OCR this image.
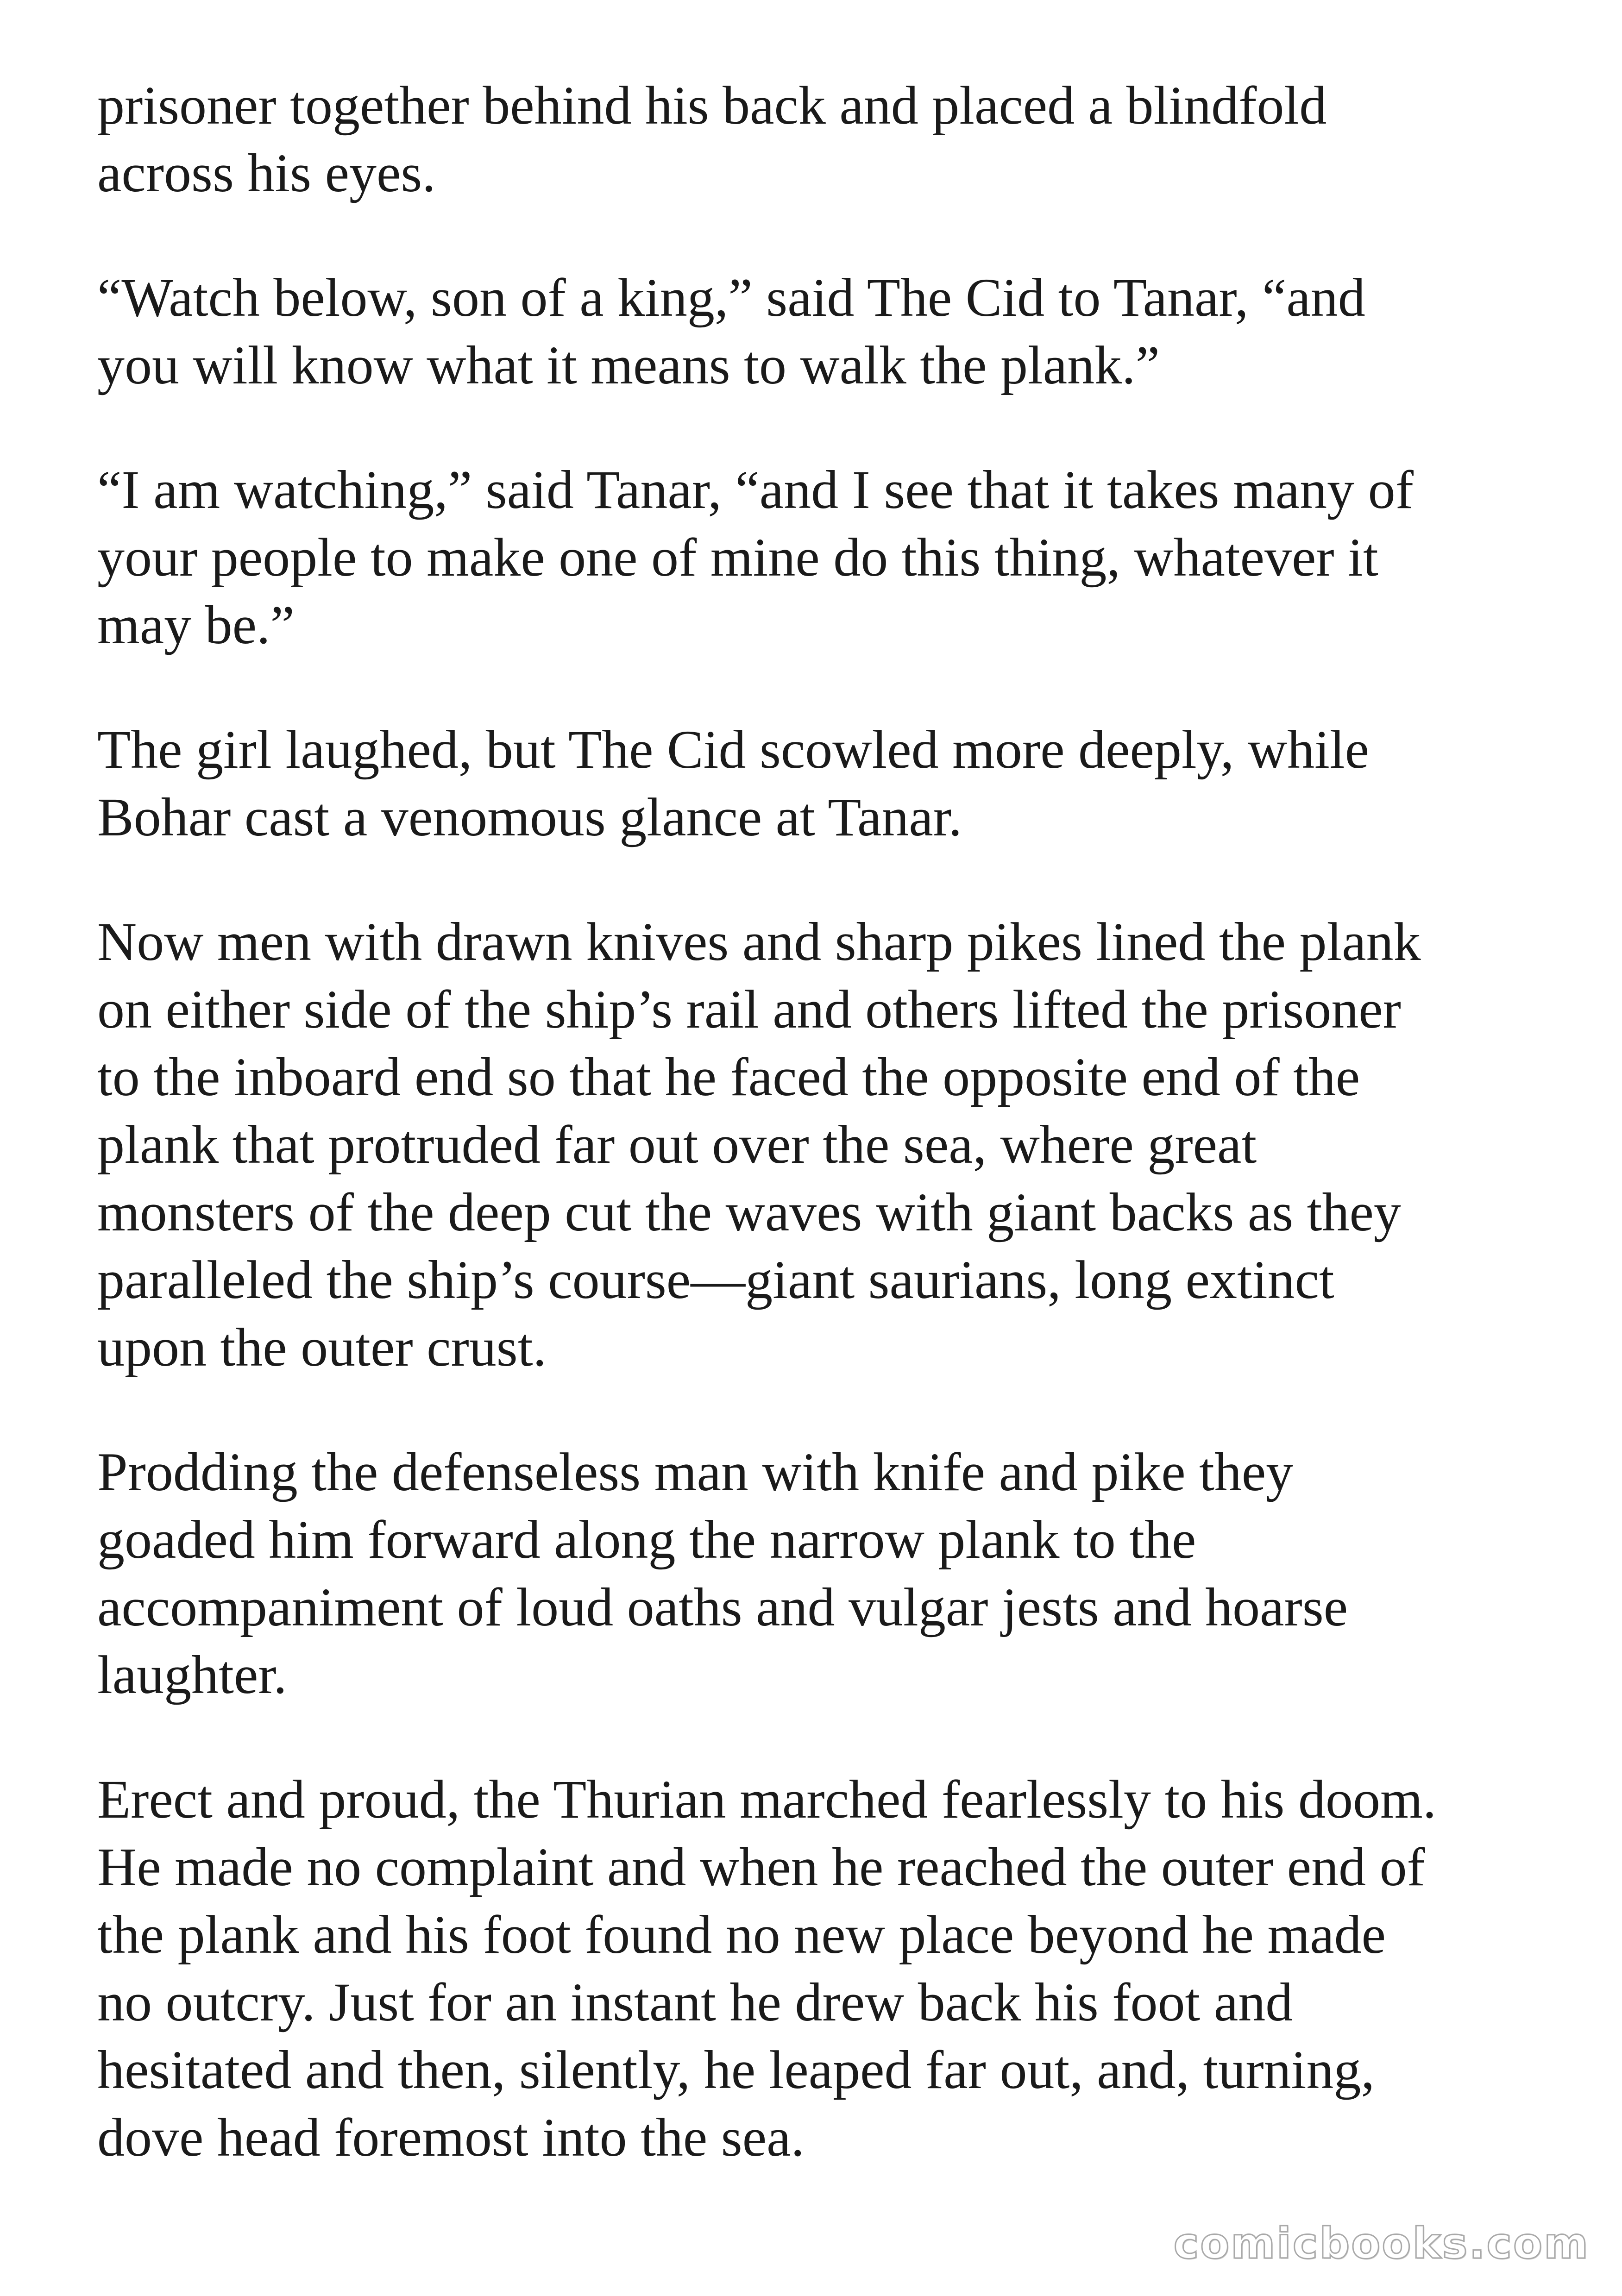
prisoner together behind his back and placed a blindfold
across his eyes.

“Watch below, son of a king,” said The Cid to Tanar, “and
you will know what it means to walk the plank.”

“I am watching,” said Tanar, “and I see that it takes many of
your people to make one of mine do this thing, whatever it
may be.”

The girl laughed, but The Cid scowled more deeply, while
Bohar cast a venomous glance at Tanar.

Now men with drawn knives and sharp pikes lined the plank
on either side of the ship’s rail and others lifted the prisoner
to the inboard end so that he faced the opposite end of the
plank that protruded far out over the sea, where great
monsters of the deep cut the waves with giant backs as they
paralleled the ship’s course—giant saurians, long extinct
upon the outer crust.

Prodding the defenseless man with knife and pike they
goaded him forward along the narrow plank to the
accompaniment of loud oaths and vulgar jests and hoarse
laughter.

Erect and proud, the Thurian marched fearlessly to his doom.
He made no complaint and when he reached the outer end of
the plank and his foot found no new place beyond he made
no outcry. Just for an instant he drew back his foot and
hesitated and then, silently, he leaped far out, and, turning,
dove head foremost into the sea.

comicbooks.com
